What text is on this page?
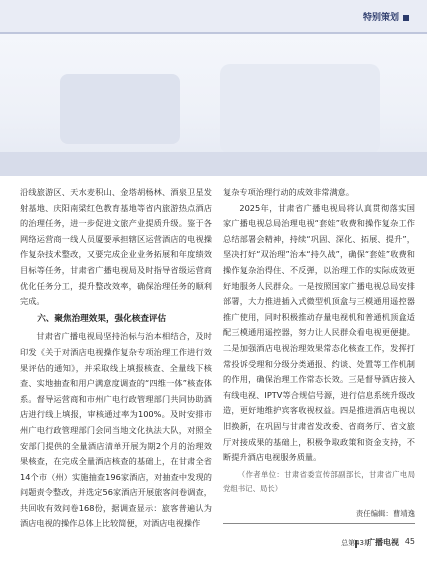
特别策划

沿线旅游区、天水麦积山、金塔胡杨林、酒泉卫星发射基地、庆阳南梁红色教育基地等省内旅游热点酒店的治理任务，进一步促进文旅产业提质升级。鉴于各网络运营商一线人员厦要承担辖区运营酒店的电视操作复杂技术整改，又要完成企业业务拓展和年度绩效目标等任务，甘肃省广播电视局及时指导省级运营商优化任务分工，提升整改效率，确保治理任务的顺利完成。

六、聚焦治理效果，强化核查评估

甘肃省广播电视局坚持治标与治本相结合，及时印发《关于对酒店电视操作复杂专项治理工作进行效果评估的通知》，并采取线上填报核查、全量线下核查、实地抽查和用户满意度调查的“四维一体”核查体系。督导运营商和市州广电行政管理部门共同协助酒店进行线上填报，审核通过率为100%。及时安排市州广电行政管理部门会同当地文化执法大队，对照全安部门提供的全量酒店清单开展为期2个月的治理效果核查，在完成全量酒店核查的基础上，在甘肃全省14个市（州）实施抽查196家酒店，对抽查中发现的问题责令整改，并选定56家酒店开展旅客问卷调查，共回收有效问卷168份，据调查显示：旅客普遍认为酒店电视的操作总体上比较简便，对酒店电视操作

复杂专项治理行动的成效非常满意。

2025年，甘肃省广播电视局将认真贯彻落实国家广播电视总局治理电视“套娃”收费和操作复杂工作总结部署会精神，持续“巩固、深化、拓展、提升”，坚决打好“双治理”治本“持久战”，确保“套娃”收费和操作复杂治得住、不反弹，以治理工作的实际成效更好地服务人民群众。一是按照国家广播电视总局安排部署，大力推进插入式微型机顶盒与三模通用遥控器推广使用，同时积极推动存量电视机和普通机顶盒适配三模通用遥控器，努力让人民群众看电视更便捷。二是加强酒店电视治理效果常态化核查工作，发挥打常投诉受理和分级分类通报、约谈、处置等工作机制的作用，确保治理工作常态长效。三是督导酒店接入有线电视、IPTV等合规信号源，进行信息系统升级改造，更好地维护宾客收视权益。四是推进酒店电视以旧换新，在巩固与甘肃省发改委、省商务厅、省文旅厅对接成果的基础上，积极争取政策和资金支持，不断提升酒店电视服务质量。

（作者单位：甘肃省委宣传部副部长，甘肃省广电局党组书记、局长）
责任编辑：曹靖逸
总第43期
广播电视 45
